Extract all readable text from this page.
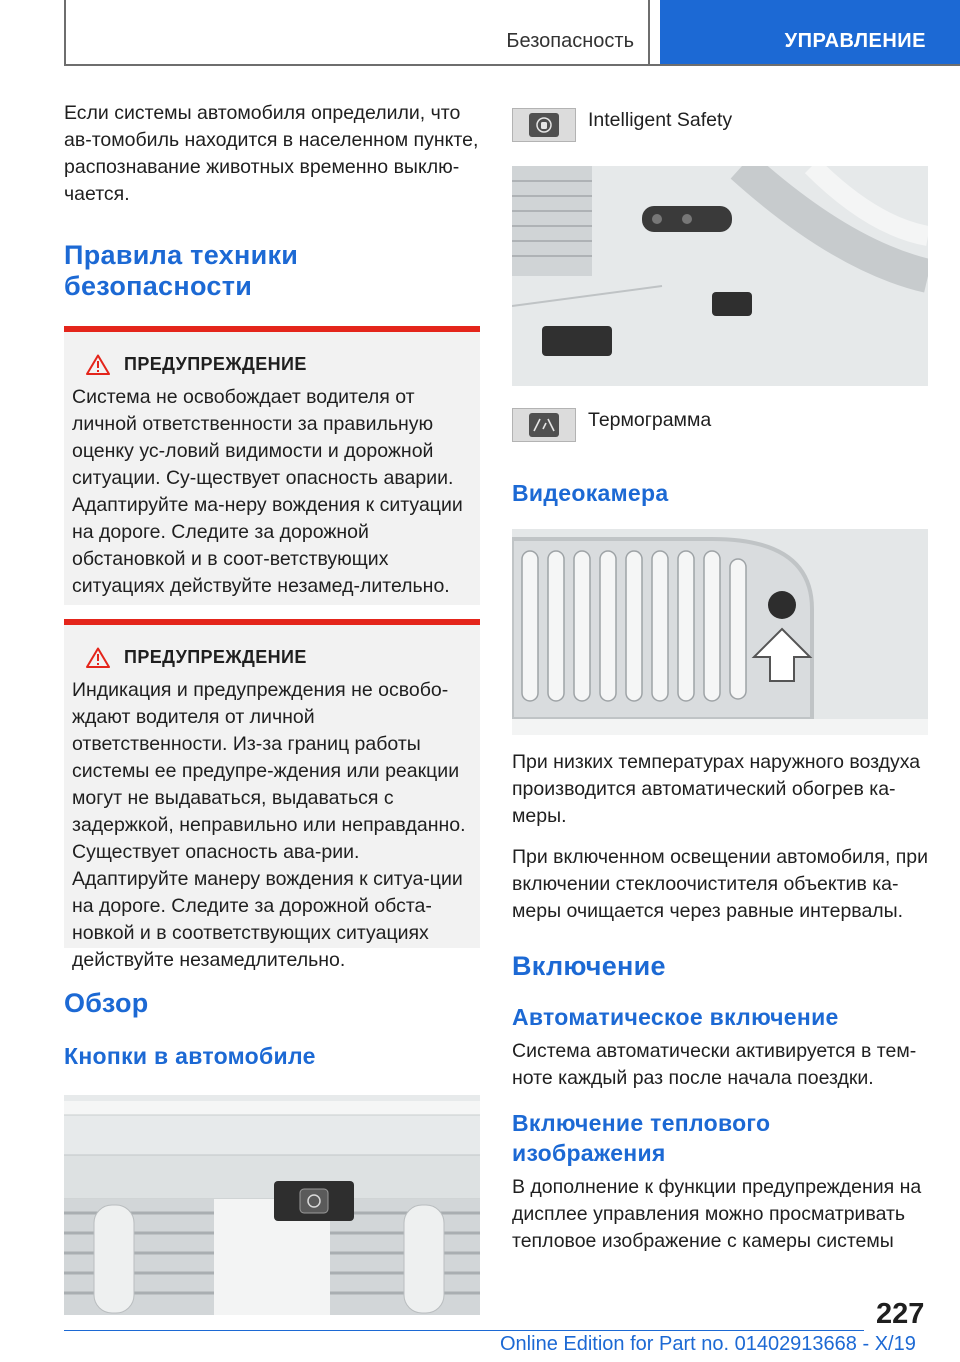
Безопасность	УПРАВЛЕНИЕ

Если системы автомобиля определили, что ав-томобиль находится в населенном пункте, распознавание животных временно выклю-чается.

Правила техники безопасности
ПРЕДУПРЕЖДЕНИЕ

Система не освобождает водителя от личной ответственности за правильную оценку ус-ловий видимости и дорожной ситуации. Су-ществует опасность аварии. Адаптируйте ма-неру вождения к ситуации на дороге. Следите за дорожной обстановкой и в соот-ветствующих ситуациях действуйте незамед-лительно.

ПРЕДУПРЕЖДЕНИЕ

Индикация и предупреждения не освобо-ждают водителя от личной ответственности. Из-за границ работы системы ее предупре-ждения или реакции могут не выдаваться, выдаваться с задержкой, неправильно или неправданно. Существует опасность ава-рии. Адаптируйте манеру вождения к ситуа-ции на дороге. Следите за дорожной обста-новкой и в соответствующих ситуациях действуйте незамедлительно.

Обзор
Кнопки в автомобиле
Intelligent Safety
Термограмма
Видеокамера

При низких температурах наружного воздуха производится автоматический обогрев ка-меры.

При включенном освещении автомобиля, при включении стеклоочистителя объектив ка-меры очищается через равные интервалы.

Включение
Автоматическое включение

Система автоматически активируется в тем-ноте каждый раз после начала поездки.

Включение теплового изображения

В дополнение к функции предупреждения на дисплее управления можно просматривать тепловое изображение с камеры системы

227
Online Edition for Part no. 01402913668 - X/19
